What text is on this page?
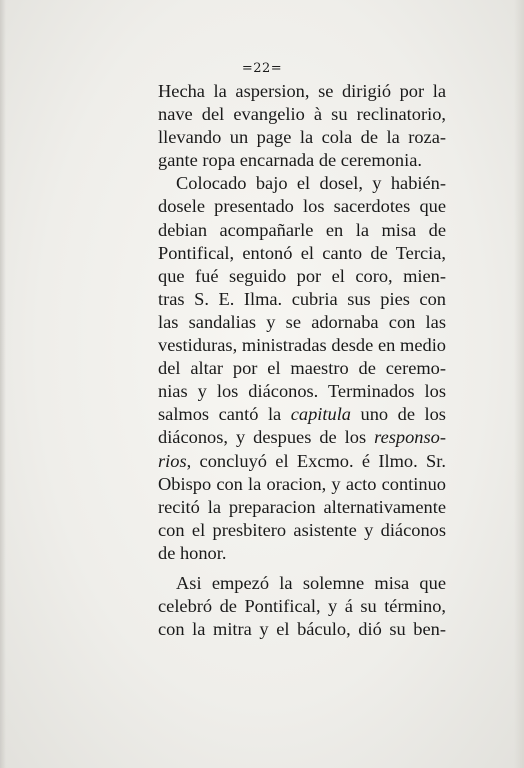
=22=
Hecha la aspersion, se dirigió por la
nave del evangelio à su reclinatorio,
llevando un page la cola de la roza-
gante ropa encarnada de ceremonia.
Colocado bajo el dosel, y habién-
dosele presentado los sacerdotes que
debian acompañarle en la misa de
Pontifical, entonó el canto de Tercia,
que fué seguido por el coro, mien-
tras S. E. Ilma. cubria sus pies con
las sandalias y se adornaba con las
vestiduras, ministradas desde en medio
del altar por el maestro de ceremo-
nias y los diáconos. Terminados los
salmos cantó la capitula uno de los
diáconos, y despues de los responso-
rios, concluyó el Excmo. é Ilmo. Sr.
Obispo con la oracion, y acto continuo
recitó la preparacion alternativamente
con el presbitero asistente y diáconos
de honor.
Asi empezó la solemne misa que
celebró de Pontifical, y á su término,
con la mitra y el báculo, dió su ben-
